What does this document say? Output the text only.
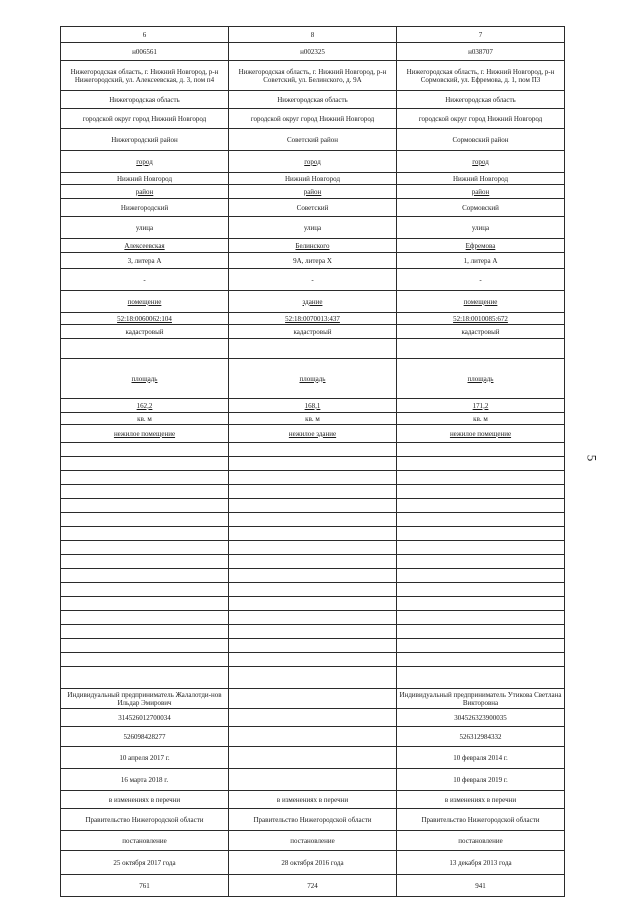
6	8	7
н006561	н002325	н038707
Нижегородская область, г. Нижний Новгород, р-н Нижегородский, ул. Алексеевская, д. 3, пом п4	Нижегородская область, г. Нижний Новгород, р-н Советский, ул. Белинского, д. 9А	Нижегородская область, г. Нижний Новгород, р-н Сормовский, ул. Ефремова, д. 1, пом П3
Нижегородская область	Нижегородская область	Нижегородская область
городской округ город Нижний Новгород	городской округ город Нижний Новгород	городской округ город Нижний Новгород
Нижегородский район	Советский район	Сормовский район
город	город	город
Нижний Новгород	Нижний Новгород	Нижний Новгород
район	район	район
Нижегородский	Советский	Сормовский
улица	улица	улица
Алексеевская	Белинского	Ефремова
3, литера А	9А, литера Х	1, литера А
-	-	-
помещение	здание	помещение
52:18:0060062:104	52:18:0070013:437	52:18:0010085:672
кадастровый	кадастровый	кадастровый

площадь	площадь	площадь
162,2	168,1	171,2
кв. м	кв. м	кв. м
нежилое помещение	нежилое здание	нежилое помещение

Индивидуальный предприниматель Жалалотди-нов Ильдар Эмирович		Индивидуальный предприниматель Утикова Светлана Викторовна
314526012700034		304526323900035
526098428277		526312984332
10 апреля 2017 г.		10 февраля 2014 г.
16 марта 2018 г.		10 февраля 2019 г.
в изменениях в перечни	в изменениях в перечни	в изменениях в перечни
Правительство Нижегородской области	Правительство Нижегородской области	Правительство Нижегородской области
постановление	постановление	постановление
25 октября 2017 года	28 октября 2016 года	13 декабря 2013 года
761	724	941
5
